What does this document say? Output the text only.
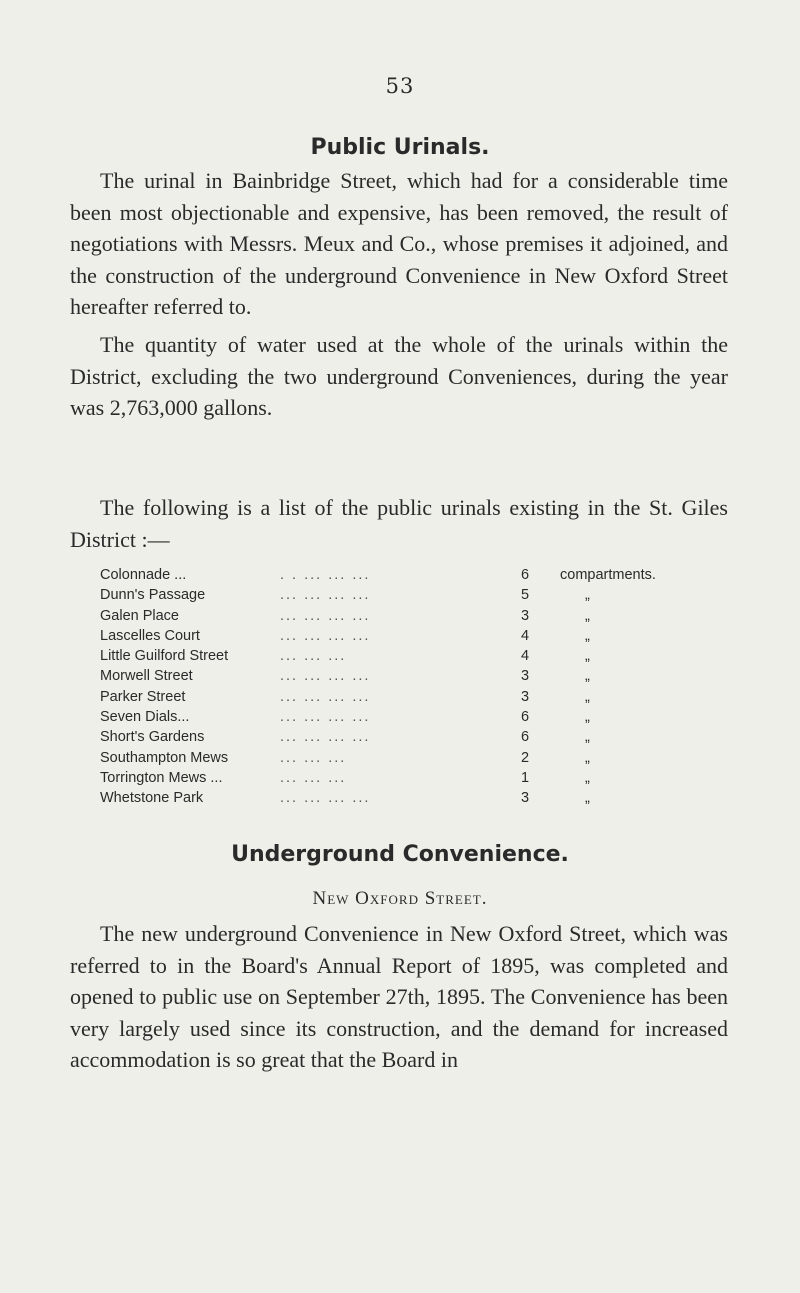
53
Public Urinals.

The urinal in Bainbridge Street, which had for a considerable time been most objectionable and expensive, has been removed, the result of negotiations with Messrs. Meux and Co., whose premises it adjoined, and the construction of the underground Convenience in New Oxford Street hereafter referred to.

The quantity of water used at the whole of the urinals within the District, excluding the two underground Conveniences, during the year was 2,763,000 gallons.

The following is a list of the public urinals existing in the St. Giles District :—

Colonnade ...	. . ... ... ...	6 compartments.
Dunn's Passage	... ... ... ...	5	„
Galen Place	... ... ... ...	3	„
Lascelles Court	... ... ... ...	4	„
Little Guilford Street	... ... ...	4	„
Morwell Street	... ... ... ...	3	„
Parker Street	... ... ... ...	3	„
Seven Dials...	... ... ... ...	6	„
Short's Gardens	... ... ... ...	6	„
Southampton Mews	... ... ...	2	„
Torrington Mews ...	... ... ...	1	„
Whetstone Park	... ... ... ...	3	„
Underground Convenience.
New Oxford Street.

The new underground Convenience in New Oxford Street, which was referred to in the Board's Annual Report of 1895, was completed and opened to public use on September 27th, 1895. The Convenience has been very largely used since its construction, and the demand for increased accommodation is so great that the Board in
